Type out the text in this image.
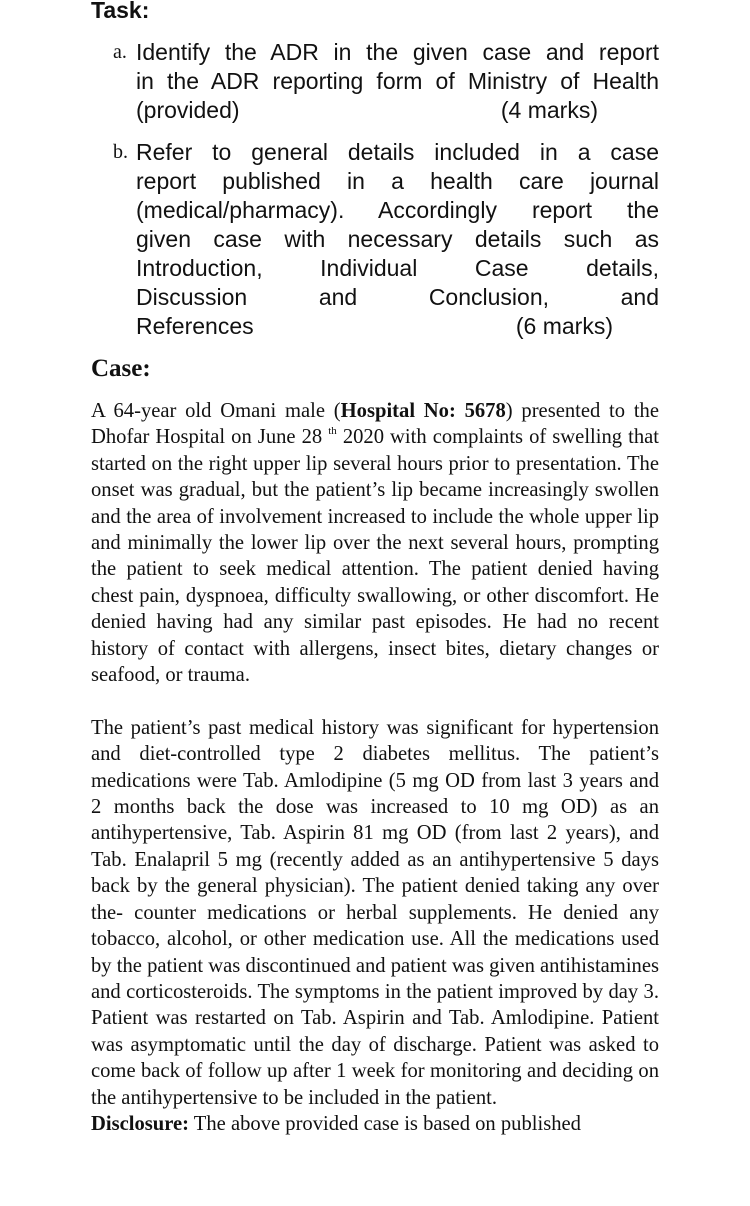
Task:
a. Identify the ADR in the given case and report
in the ADR reporting form of Ministry of Health
(provided)	(4 marks)
b. Refer to general details included in a case
report published in a health care journal
(medical/pharmacy). Accordingly report the
given case with necessary details such as
Introduction, Individual Case details,
Discussion and Conclusion, and
References	(6 marks)
Case:

A 64-year old Omani male (Hospital No: 5678) presented to the Dhofar Hospital on June 28 $^{th}$ 2020 with complaints of swelling that started on the right upper lip several hours prior to presentation. The onset was gradual, but the patient’s lip became increasingly swollen and the area of involvement increased to include the whole upper lip and minimally the lower lip over the next several hours, prompting the patient to seek medical attention. The patient denied having chest pain, dyspnoea, difficulty swallowing, or other discomfort. He denied having had any similar past episodes. He had no recent history of contact with allergens, insect bites, dietary changes or seafood, or trauma.

The patient’s past medical history was significant for hypertension and diet-controlled type 2 diabetes mellitus. The patient’s medications were Tab. Amlodipine (5 mg OD from last 3 years and 2 months back the dose was increased to 10 mg OD) as an antihypertensive, Tab. Aspirin 81 mg OD (from last 2 years), and Tab. Enalapril 5 mg (recently added as an antihypertensive 5 days back by the general physician). The patient denied taking any over the- counter medications or herbal supplements. He denied any tobacco, alcohol, or other medication use. All the medications used by the patient was discontinued and patient was given antihistamines and corticosteroids. The symptoms in the patient improved by day 3. Patient was restarted on Tab. Aspirin and Tab. Amlodipine. Patient was asymptomatic until the day of discharge. Patient was asked to come back of follow up after 1 week for monitoring and deciding on the antihypertensive to be included in the patient.

Disclosure: The above provided case is based on published
